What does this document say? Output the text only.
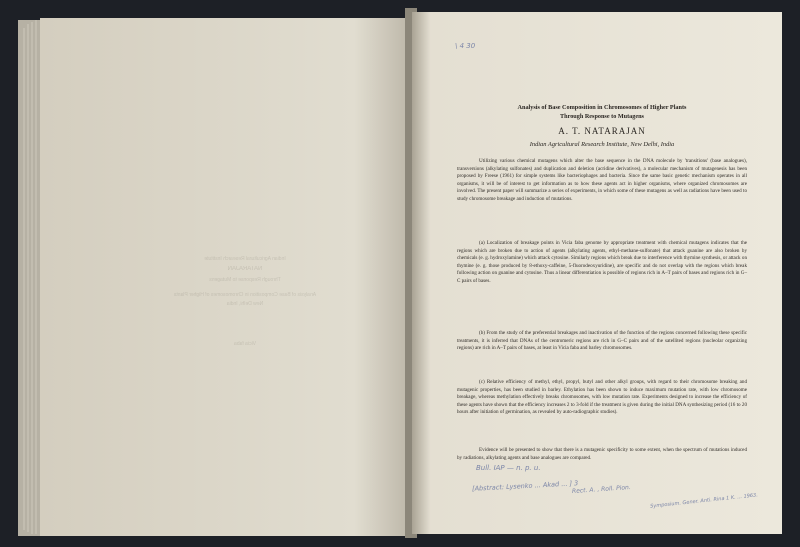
Indian Agricultural Research Institute
NATARAJAN
Through Response to Mutagens
Analysis of Base Composition in Chromosomes of Higher Plants
New Delhi, India
Vicia faba
\ 4 30
Analysis of Base Composition in Chromosomes of Higher Plants
Through Response to Mutagens
A. T. NATARAJAN
Indian Agricultural Research Institute, New Delhi, India

Utilizing various chemical mutagens which alter the base sequence in the DNA molecule by 'transitions' (base analogues), transversions (alkylating sulfonates) and duplication and deletion (acridine derivatives), a molecular mechanism of mutagenesis has been proposed by Freese (1961) for simple systems like bacteriophages and bacteria. Since the same basic genetic mechanism operates in all organisms, it will be of interest to get information as to how these agents act in higher organisms, where organized chromosomes are involved. The present paper will summarize a series of experiments, in which some of these mutagens as well as radiations have been used to study chromosome breakage and induction of mutations.

(a) Localization of breakage points in Vicia faba genome by appropriate treatment with chemical mutagens indicates that the regions which are broken due to action of agents (alkylating agents, ethyl-methane-sulfonate) that attack guanine are also broken by chemicals (e. g. hydroxylamine) which attack cytosine. Similarly regions which break due to interference with thymine synthesis, or attack on thymine (e. g. those produced by 8-ethoxy-caffeine, 5-fluorodeoxyuridine), are specific and do not overlap with the regions which break following action on guanine and cytosine. Thus a linear differentiation is possible of regions rich in A–T pairs of bases and regions rich in G–C pairs of bases.

(b) From the study of the preferential breakages and inactivation of the function of the regions concerned following these specific treatments, it is inferred that DNAs of the centromeric regions are rich in G–C pairs and of the satellited regions (nucleolar organizing regions) are rich in A–T pairs of bases, at least in Vicia faba and barley chromosomes.

(c) Relative efficiency of methyl, ethyl, propyl, butyl and other alkyl groups, with regard to their chromosome breaking and mutagenic properties, has been studied in barley. Ethylation has been shown to induce maximum mutation rate, with low chromosome breakage, whereas methylation effectively breaks chromosomes, with low mutation rate. Experiments designed to increase the efficiency of these agents have shown that the efficiency increases 2 to 3-fold if the treatment is given during the initial DNA synthesizing period (16 to 20 hours after initiation of germination, as revealed by auto-radiographic studies).

Evidence will be presented to show that there is a mutagenic specificity to some extent, when the spectrum of mutations induced by radiations, alkylating agents and base analogues are compared.

Bull. IAP — n. p. u.
[Abstract: Lysenko ... Akad ... ] 3
Rect. A. , Roll. Pion.
Symposium. Gener. Anti. Rina 1 K. ... 1963.
